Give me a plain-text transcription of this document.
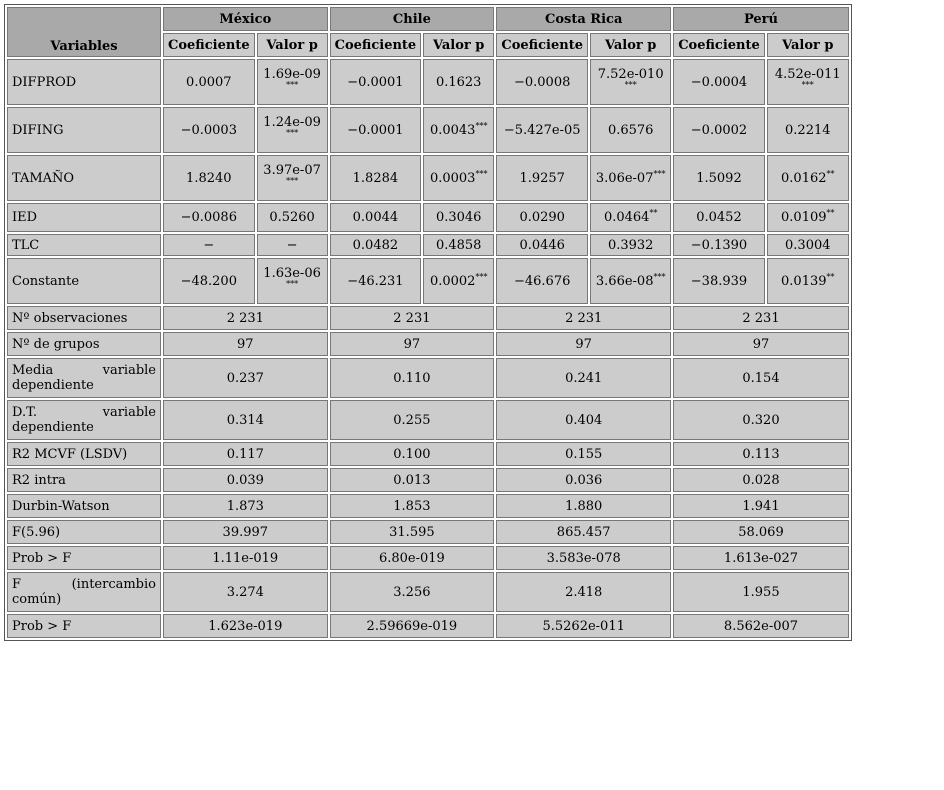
Variables	México		Chile		Costa Rica		Perú	
	Coeficiente	Valor p	Coeficiente	Valor p	Coeficiente	Valor p	Coeficiente	Valor p
DIFPROD	0.0007	1.69e-09***	−0.0001	0.1623	−0.0008	7.52e-010***	−0.0004	4.52e-011***
DIFING	−0.0003	1.24e-09***	−0.0001	0.0043***	−5.427e-05	0.6576	−0.0002	0.2214
TAMAÑO	1.8240	3.97e-07***	1.8284	0.0003***	1.9257	3.06e-07***	1.5092	0.0162**
IED	−0.0086	0.5260	0.0044	0.3046	0.0290	0.0464**	0.0452	0.0109**
TLC	−	−	0.0482	0.4858	0.0446	0.3932	−0.1390	0.3004
Constante	−48.200	1.63e-06***	−46.231	0.0002***	−46.676	3.66e-08***	−38.939	0.0139**
Nº observaciones	2 231		2 231		2 231		2 231	
Nº de grupos	97		97		97		97	
Media variable dependiente	0.237		0.110		0.241		0.154	
D.T. variable dependiente	0.314		0.255		0.404		0.320	
R2 MCVF (LSDV)	0.117		0.100		0.155		0.113	
R2 intra	0.039		0.013		0.036		0.028	
Durbin-Watson	1.873		1.853		1.880		1.941	
F(5.96)	39.997		31.595		865.457		58.069	
Prob > F	1.11e-019		6.80e-019		3.583e-078		1.613e-027	
F (intercambio común)	3.274		3.256		2.418		1.955	
Prob > F	1.623e-019		2.59669e-019		5.5262e-011		8.562e-007	
